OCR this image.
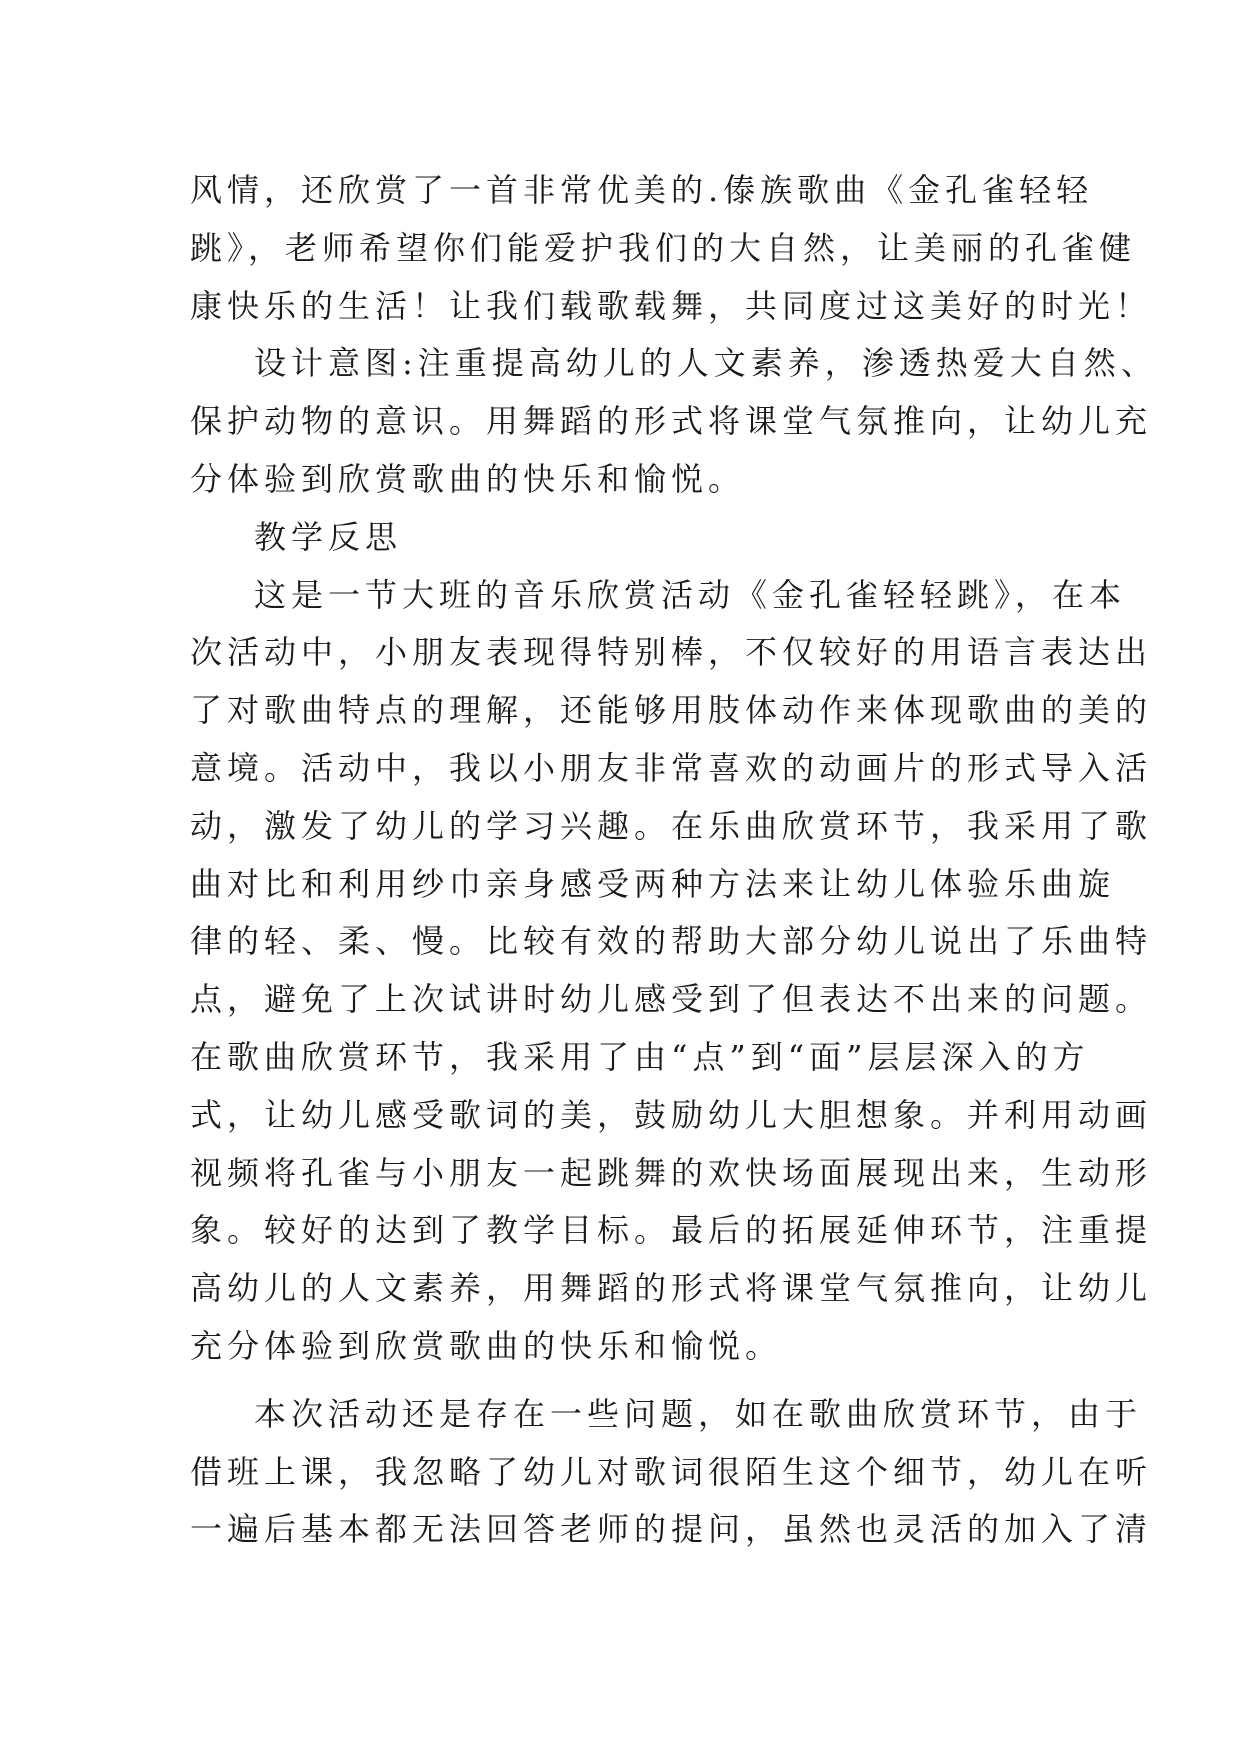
风情，还欣赏了一首非常优美的.傣族歌曲《金孔雀轻轻
跳》，老师希望你们能爱护我们的大自然，让美丽的孔雀健
康快乐的生活！让我们载歌载舞，共同度过这美好的时光！
设计意图:注重提高幼儿的人文素养，渗透热爱大自然、
保护动物的意识。用舞蹈的形式将课堂气氛推向，让幼儿充
分体验到欣赏歌曲的快乐和愉悦。
教学反思
这是一节大班的音乐欣赏活动《金孔雀轻轻跳》，在本
次活动中，小朋友表现得特别棒，不仅较好的用语言表达出
了对歌曲特点的理解，还能够用肢体动作来体现歌曲的美的
意境。活动中，我以小朋友非常喜欢的动画片的形式导入活
动，激发了幼儿的学习兴趣。在乐曲欣赏环节，我采用了歌
曲对比和利用纱巾亲身感受两种方法来让幼儿体验乐曲旋
律的轻、柔、慢。比较有效的帮助大部分幼儿说出了乐曲特
点，避免了上次试讲时幼儿感受到了但表达不出来的问题。
在歌曲欣赏环节，我采用了由“点”到“面”层层深入的方
式，让幼儿感受歌词的美，鼓励幼儿大胆想象。并利用动画
视频将孔雀与小朋友一起跳舞的欢快场面展现出来，生动形
象。较好的达到了教学目标。最后的拓展延伸环节，注重提
高幼儿的人文素养，用舞蹈的形式将课堂气氛推向，让幼儿
充分体验到欣赏歌曲的快乐和愉悦。
本次活动还是存在一些问题，如在歌曲欣赏环节，由于
借班上课，我忽略了幼儿对歌词很陌生这个细节，幼儿在听
一遍后基本都无法回答老师的提问，虽然也灵活的加入了清
